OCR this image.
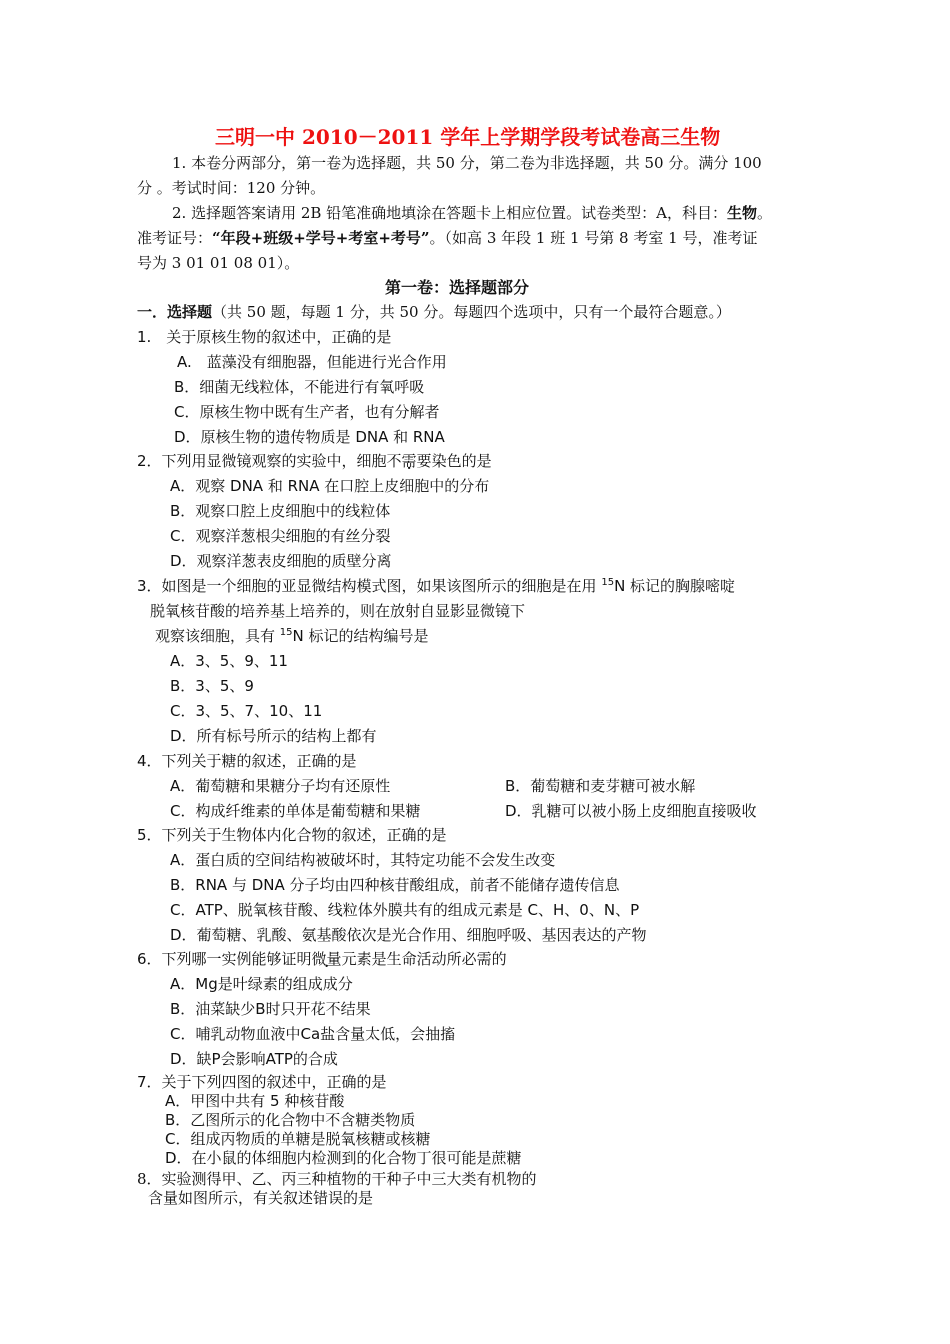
三明一中 2010－2011 学年上学期学段考试卷高三生物
1. 本卷分两部分，第一卷为选择题，共 50 分，第二卷为非选择题，共 50 分。满分 100
分 。考试时间：120 分钟。
2. 选择题答案请用 2B 铅笔准确地填涂在答题卡上相应位置。试卷类型：A，科目：生物。
准考证号：“年段+班级+学号+考室+考号”。（如高 3 年段 1 班 1 号第 8 考室 1 号，准考证
号为 3 01 01 08 01）。
第一卷：选择题部分
一．选择题（共 50 题，每题 1 分，共 50 分。每题四个选项中，只有一个最符合题意。）
1.　关于原核生物的叙述中，正确的是
A.　蓝藻没有细胞器，但能进行光合作用
B．细菌无线粒体，不能进行有氧呼吸
C．原核生物中既有生产者，也有分解者
D．原核生物的遗传物质是 DNA 和 RNA
2．下列用显微镜观察的实验中，细胞不需要染色的是
A．观察 DNA 和 RNA 在口腔上皮细胞中的分布
B．观察口腔上皮细胞中的线粒体
C．观察洋葱根尖细胞的有丝分裂
D．观察洋葱表皮细胞的质壁分离
3．如图是一个细胞的亚显微结构模式图，如果该图所示的细胞是在用 $^{15}$N 标记的胸腺嘧啶
脱氧核苷酸的培养基上培养的，则在放射自显影显微镜下
观察该细胞，具有 $^{15}$N 标记的结构编号是
A．3、5、9、11
B．3、5、9
C．3、5、7、10、11
D．所有标号所示的结构上都有
4．下列关于糖的叙述，正确的是
A．葡萄糖和果糖分子均有还原性	B．葡萄糖和麦芽糖可被水解
C．构成纤维素的单体是葡萄糖和果糖	D．乳糖可以被小肠上皮细胞直接吸收
5．下列关于生物体内化合物的叙述，正确的是
A．蛋白质的空间结构被破坏时，其特定功能不会发生改变
B．RNA 与 DNA 分子均由四种核苷酸组成，前者不能储存遗传信息
C．ATP、脱氧核苷酸、线粒体外膜共有的组成元素是 C、H、0、N、P
D．葡萄糖、乳酸、氨基酸依次是光合作用、细胞呼吸、基因表达的产物
6．下列哪一实例能够证明微量元素是生命活动所必需的
A．Mg是叶绿素的组成成分
B．油菜缺少B时只开花不结果
C．哺乳动物血液中Ca盐含量太低，会抽搐
D．缺P会影响ATP的合成
7．关于下列四图的叙述中，正确的是
A．甲图中共有 5 种核苷酸
B．乙图所示的化合物中不含糖类物质
C．组成丙物质的单糖是脱氧核糖或核糖
D．在小鼠的体细胞内检测到的化合物丁很可能是蔗糖
8．实验测得甲、乙、丙三种植物的干种子中三大类有机物的
含量如图所示，有关叙述错误的是
